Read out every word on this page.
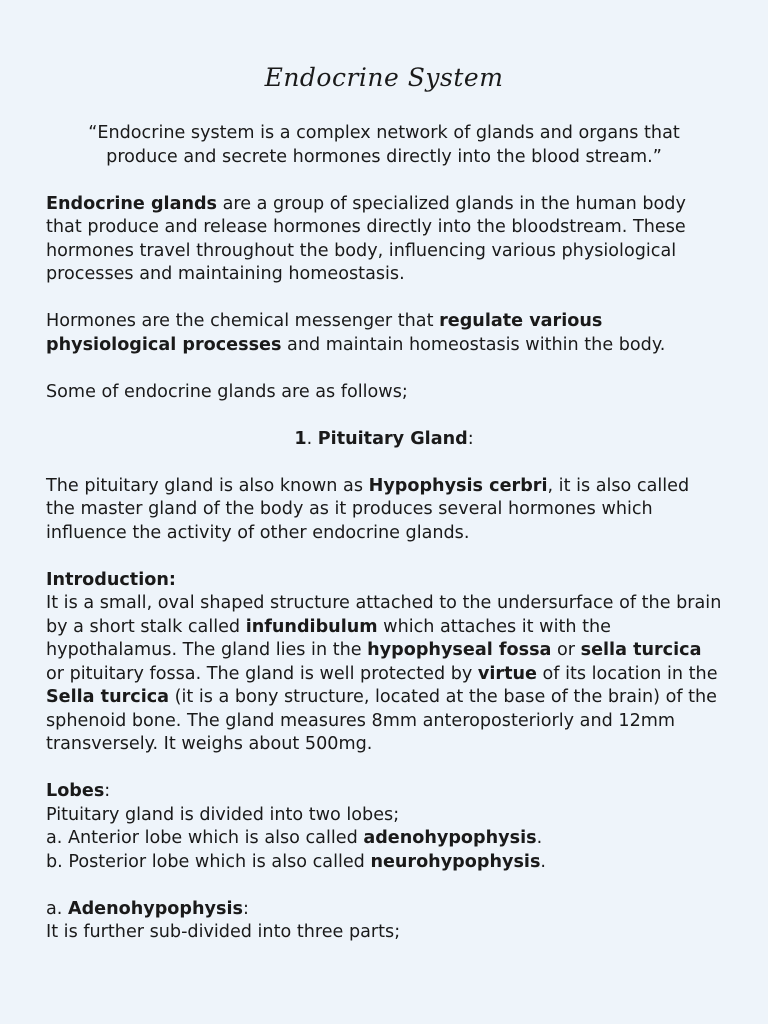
Endocrine System
“Endocrine system is a complex network of glands and organs that
produce and secrete hormones directly into the blood stream.”

Endocrine glands are a group of specialized glands in the human body that produce and release hormones directly into the bloodstream. These hormones travel throughout the body, influencing various physiological processes and maintaining homeostasis.

Hormones are the chemical messenger that regulate various physiological processes and maintain homeostasis within the body.

Some of endocrine glands are as follows;

1. Pituitary Gland:

The pituitary gland is also known as Hypophysis cerbri, it is also called the master gland of the body as it produces several hormones which influence the activity of other endocrine glands.

Introduction:
It is a small, oval shaped structure attached to the undersurface of the brain by a short stalk called infundibulum which attaches it with the hypothalamus. The gland lies in the hypophyseal fossa or sella turcica or pituitary fossa. The gland is well protected by virtue of its location in the Sella turcica (it is a bony structure, located at the base of the brain) of the sphenoid bone. The gland measures 8mm anteroposteriorly and 12mm transversely. It weighs about 500mg.

Lobes:
Pituitary gland is divided into two lobes;
a. Anterior lobe which is also called adenohypophysis.
b. Posterior lobe which is also called neurohypophysis.

a. Adenohypophysis:
It is further sub-divided into three parts;
